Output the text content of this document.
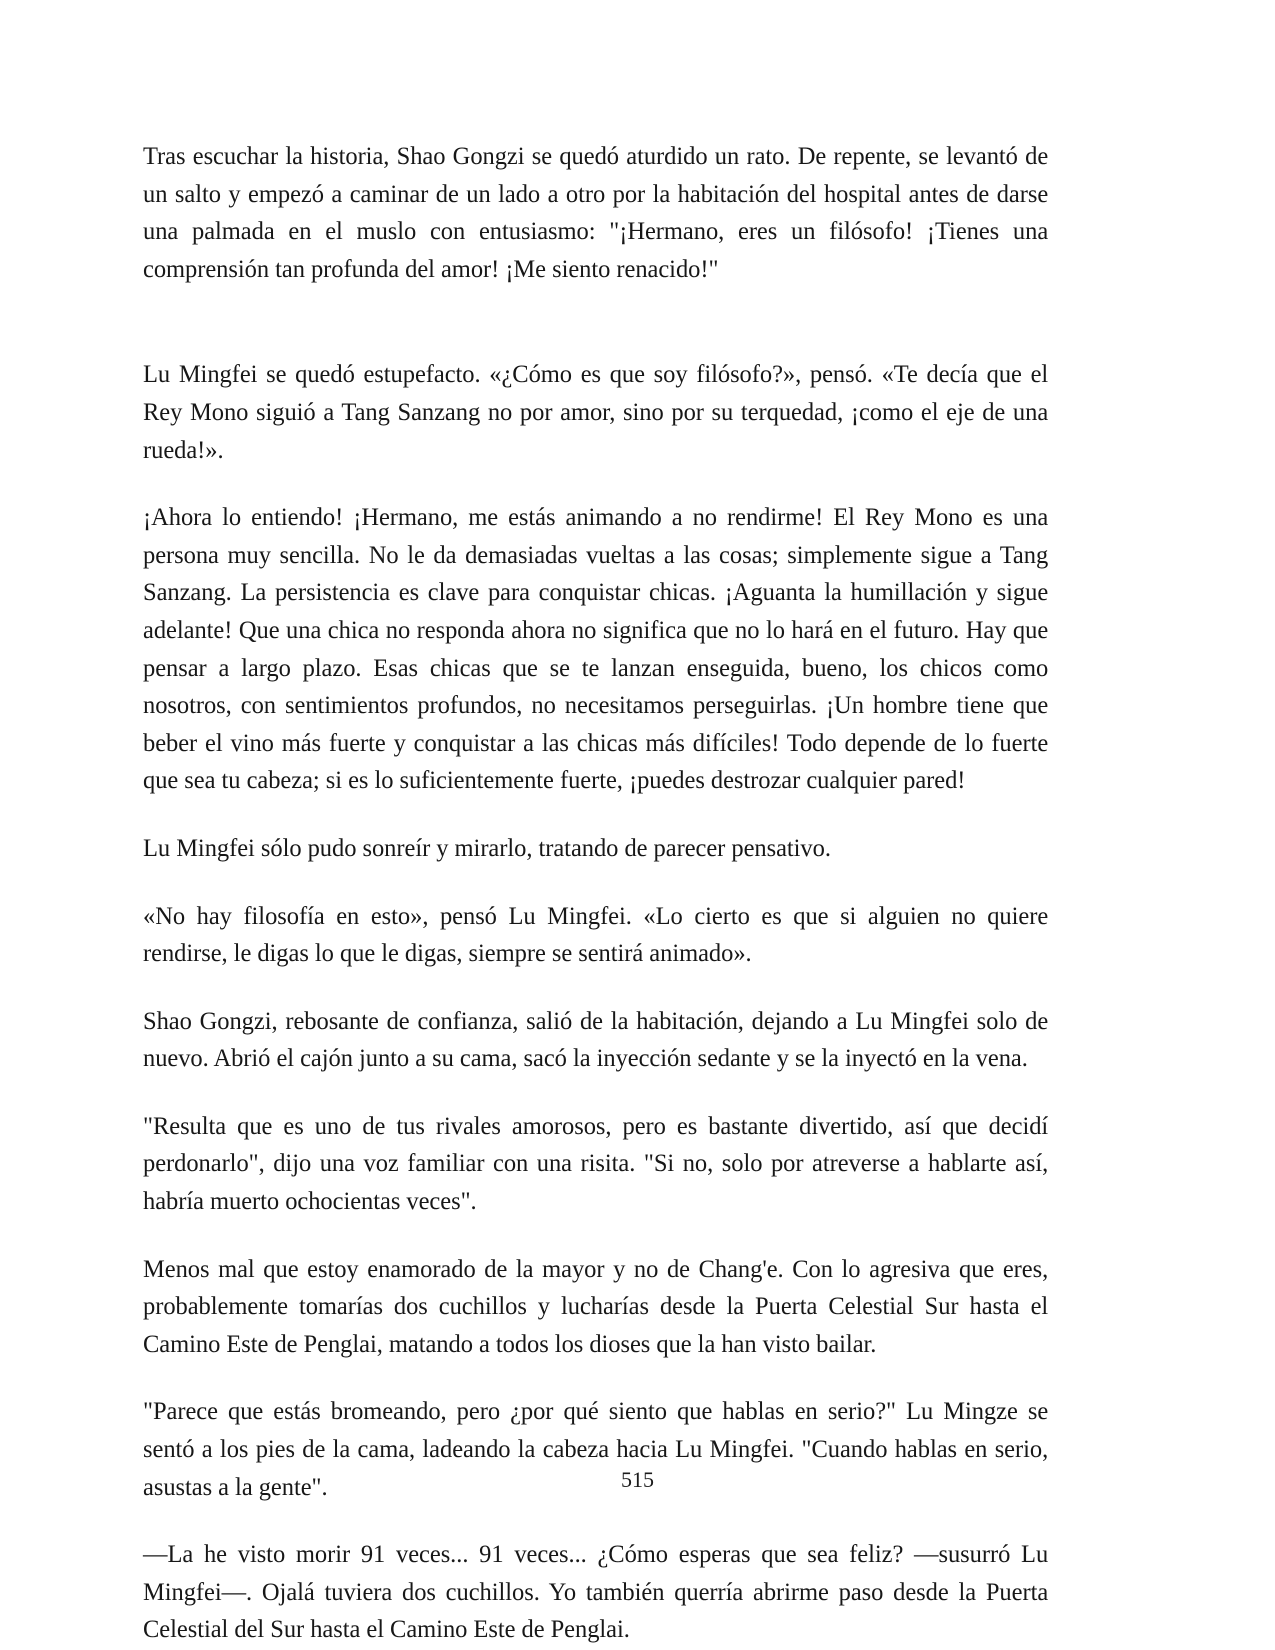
Tras escuchar la historia, Shao Gongzi se quedó aturdido un rato. De repente, se levantó de un salto y empezó a caminar de un lado a otro por la habitación del hospital antes de darse una palmada en el muslo con entusiasmo: "¡Hermano, eres un filósofo! ¡Tienes una comprensión tan profunda del amor! ¡Me siento renacido!"

Lu Mingfei se quedó estupefacto. «¿Cómo es que soy filósofo?», pensó. «Te decía que el Rey Mono siguió a Tang Sanzang no por amor, sino por su terquedad, ¡como el eje de una rueda!».

¡Ahora lo entiendo! ¡Hermano, me estás animando a no rendirme! El Rey Mono es una persona muy sencilla. No le da demasiadas vueltas a las cosas; simplemente sigue a Tang Sanzang. La persistencia es clave para conquistar chicas. ¡Aguanta la humillación y sigue adelante! Que una chica no responda ahora no significa que no lo hará en el futuro. Hay que pensar a largo plazo. Esas chicas que se te lanzan enseguida, bueno, los chicos como nosotros, con sentimientos profundos, no necesitamos perseguirlas. ¡Un hombre tiene que beber el vino más fuerte y conquistar a las chicas más difíciles! Todo depende de lo fuerte que sea tu cabeza; si es lo suficientemente fuerte, ¡puedes destrozar cualquier pared!

Lu Mingfei sólo pudo sonreír y mirarlo, tratando de parecer pensativo.

«No hay filosofía en esto», pensó Lu Mingfei. «Lo cierto es que si alguien no quiere rendirse, le digas lo que le digas, siempre se sentirá animado».

Shao Gongzi, rebosante de confianza, salió de la habitación, dejando a Lu Mingfei solo de nuevo. Abrió el cajón junto a su cama, sacó la inyección sedante y se la inyectó en la vena.

"Resulta que es uno de tus rivales amorosos, pero es bastante divertido, así que decidí perdonarlo", dijo una voz familiar con una risita. "Si no, solo por atreverse a hablarte así, habría muerto ochocientas veces".

Menos mal que estoy enamorado de la mayor y no de Chang'e. Con lo agresiva que eres, probablemente tomarías dos cuchillos y lucharías desde la Puerta Celestial Sur hasta el Camino Este de Penglai, matando a todos los dioses que la han visto bailar.

"Parece que estás bromeando, pero ¿por qué siento que hablas en serio?" Lu Mingze se sentó a los pies de la cama, ladeando la cabeza hacia Lu Mingfei. "Cuando hablas en serio, asustas a la gente".

—La he visto morir 91 veces... 91 veces... ¿Cómo esperas que sea feliz? —susurró Lu Mingfei—. Ojalá tuviera dos cuchillos. Yo también querría abrirme paso desde la Puerta Celestial del Sur hasta el Camino Este de Penglai.

515
